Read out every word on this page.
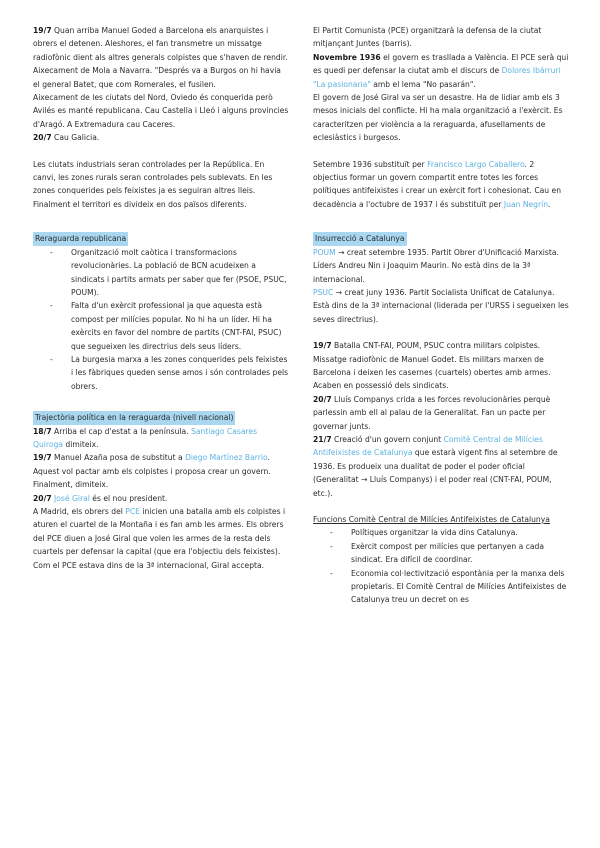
19/7 Quan arriba Manuel Goded a Barcelona els anarquistes i obrers el detenen. Aleshores, el fan transmetre un missatge radiofònic dient als altres generals colpistes que s'haven de rendir.

Aixecament de Mola a Navarra. "Després va a Burgos on hi havia el general Batet, que com Romerales, el fusilen.

Aixecament de les ciutats del Nord, Oviedo és conquerida però Avilés es manté republicana. Cau Castella i Lleó i alguns provincies d'Aragó. A Extremadura cau Caceres.

20/7 Cau Galicia.

Les ciutats industrials seran controlades per la República. En canvi, les zones rurals seran controlades pels sublevats. En les zones conquerides pels feixistes ja es seguiran altres lleis. Finalment el territori es divideix en dos països diferents.

Reraguarda republicana

- Organització molt caòtica i transformacions revolucionàries. La població de BCN acudeixen a sindicats i partits armats per saber que fer (PSOE, PSUC, POUM).
- Falta d'un exèrcit professional ja que aquesta està compost per milícies popular. No hi ha un líder. Hi ha exèrcits en favor del nombre de partits (CNT-FAI, PSUC) que segueixen les directrius dels seus líders.
- La burgesia marxa a les zones conquerides pels feixistes i les fàbriques queden sense amos i són controlades pels obrers.

Trajectòria política en la reraguarda (nivell nacional)

18/7 Arriba el cap d'estat a la península. Santiago Casares Quiroga dimiteix.

19/7 Manuel Azaña posa de substitut a Diego Martínez Barrio. Aquest vol pactar amb els colpistes i proposa crear un govern. Finalment, dimiteix.

20/7 José Giral és el nou president.

A Madrid, els obrers del PCE inicien una batalla amb els colpistes i aturen el cuartel de la Montaña i es fan amb les armes. Els obrers del PCE diuen a José Giral que volen les armes de la resta dels cuartels per defensar la capital (que era l'objectiu dels feixistes). Com el PCE estava dins de la 3ª internacional, Giral accepta.

El Partit Comunista (PCE) organitzarà la defensa de la ciutat mitjançant Juntes (barris).

Novembre 1936 el govern es trasllada a València. El PCE serà qui es quedi per defensar la ciutat amb el discurs de Dolores Ibárruri "La pasionaria" amb el lema "No pasarán".

El govern de José Giral va ser un desastre. Ha de lidiar amb els 3 mesos inicials del conflicte. Hi ha mala organització a l'exèrcit. Es caracteritzen per violència a la reraguarda, afusellaments de eclesiàstics i burgesos.

Setembre 1936 substituït per Francisco Largo Caballero. 2 objectius formar un govern compartit entre totes les forces polítiques antifeixistes i crear un exèrcit fort i cohesionat. Cau en decadència a l'octubre de 1937 i és substituït per Juan Negrín.

Insurrecció a Catalunya

POUM → creat setembre 1935. Partit Obrer d'Unificació Marxista. Líders Andreu Nin i Joaquim Maurin. No està dins de la 3ª internacional.

PSUC → creat juny 1936. Partit Socialista Unificat de Catalunya. Està dins de la 3ª internacional (liderada per l'URSS i segueixen les seves directrius).

19/7 Batalla CNT-FAI, POUM, PSUC contra militars colpistes. Missatge radiofònic de Manuel Godet. Els militars marxen de Barcelona i deixen les casernes (cuartels) obertes amb armes. Acaben en possessió dels sindicats.

20/7 Lluís Companys crida a les forces revolucionàries perquè parlessin amb ell al palau de la Generalitat. Fan un pacte per governar junts.

21/7 Creació d'un govern conjunt Comitè Central de Milícies Antifeixistes de Catalunya que estarà vigent fins al setembre de 1936. Es produeix una dualitat de poder el poder oficial (Generalitat → Lluís Companys) i el poder real (CNT-FAI, POUM, etc.).

Funcions Comitè Central de Milícies Antifeixistes de Catalunya

- Polítiques organitzar la vida dins Catalunya.
- Exèrcit compost per milícies que pertanyen a cada sindicat. Era difícil de coordinar.
- Economia col·lectivització espontània per la manxa dels propietaris. El Comitè Central de Milícies Antifeixistes de Catalunya treu un decret on es
